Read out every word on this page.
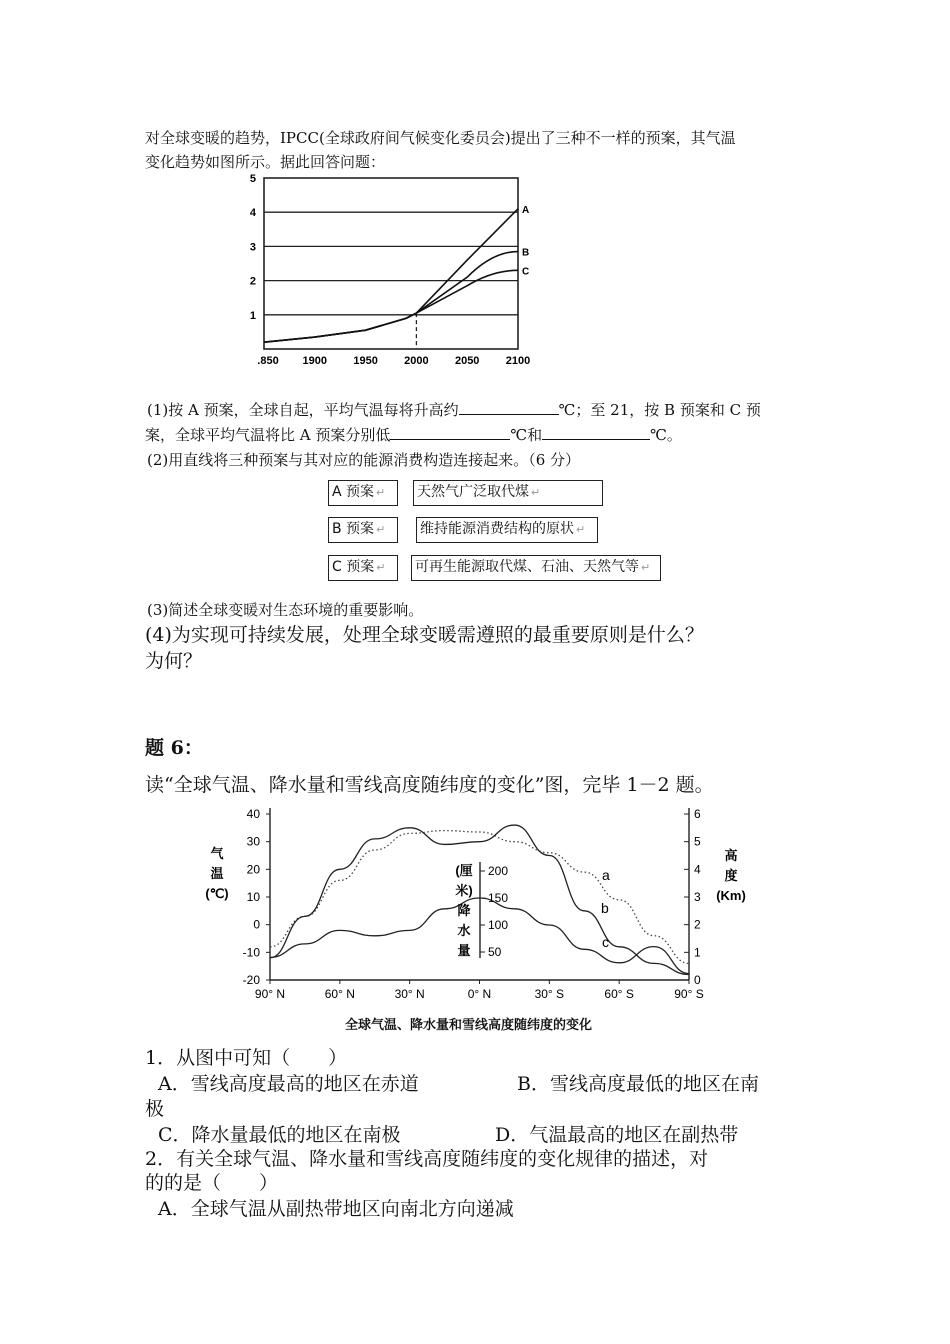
对全球变暖的趋势，IPCC(全球政府间气候变化委员会)提出了三种不一样的预案，其气温
变化趋势如图所示。据此回答问题：
1
2
3
4
5
.850 1900 1950 2000 2050 2100
A
B
C
(1)按 A 预案，全球自起，平均气温每将升高约	℃；至 21，按 B 预案和 C 预
案，全球平均气温将比 A 预案分别低	℃和	℃。
(2)用直线将三种预案与其对应的能源消费构造连接起来。（6 分）
A 预案 ↵
B 预案 ↵
C 预案 ↵
天然气广泛取代煤 ↵
维持能源消费结构的原状 ↵
可再生能源取代煤、石油、天然气等 ↵
(3)简述全球变暖对生态环境的重要影响。
(4)为实现可持续发展，处理全球变暖需遵照的最重要原则是什么？
为何？
题 6：
读“全球气温、降水量和雪线高度随纬度的变化”图，完毕 1－2 题。
40
30
20
10
0
-10
-20
6
5
4
3
2
1
0
200
150
100
50
90° N	60° N	30° N	0° N	30° S	60° S	90° S
气
温
(℃)
高
度
(Km)
(厘
米)
降
水
量
a
b
c
全球气温、降水量和雪线高度随纬度的变化
1．从图中可知（　　）
A．雪线高度最高的地区在赤道	B．雪线高度最低的地区在南
极
C．降水量最低的地区在南极	D．气温最高的地区在副热带
2．有关全球气温、降水量和雪线高度随纬度的变化规律的描述，对
的的是（　　）
A．全球气温从副热带地区向南北方向递减
